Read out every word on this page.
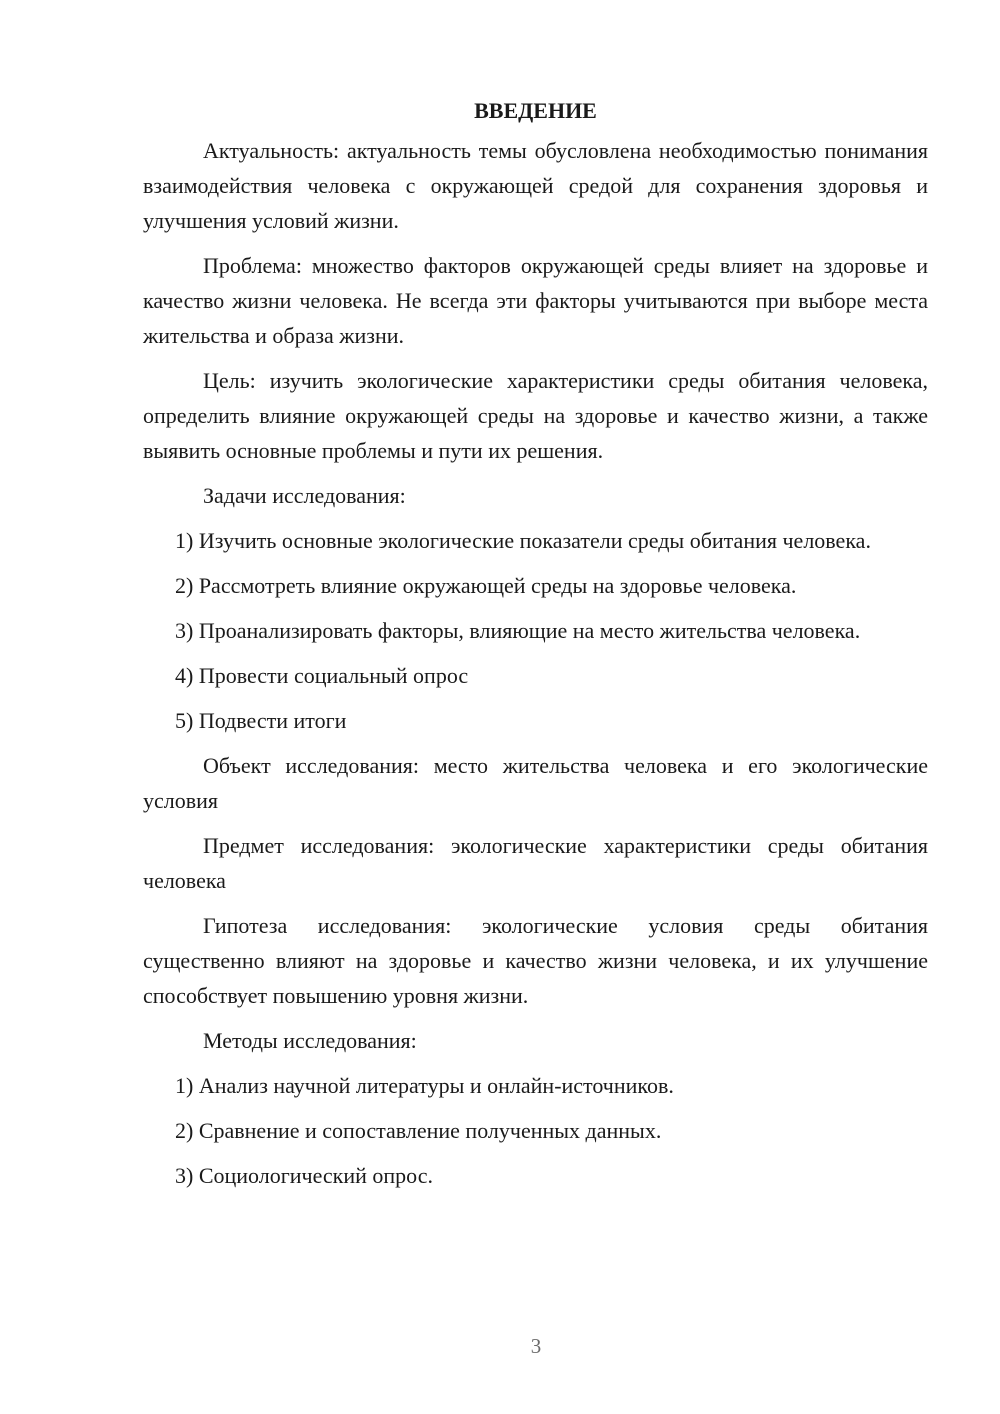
ВВЕДЕНИЕ

Актуальность: актуальность темы обусловлена необходимостью понимания взаимодействия человека с окружающей средой для сохранения здоровья и улучшения условий жизни.

Проблема: множество факторов окружающей среды влияет на здоровье и качество жизни человека. Не всегда эти факторы учитываются при выборе места жительства и образа жизни.

Цель: изучить экологические характеристики среды обитания человека, определить влияние окружающей среды на здоровье и качество жизни, а также выявить основные проблемы и пути их решения.

Задачи исследования:

1) Изучить основные экологические показатели среды обитания человека.

2) Рассмотреть влияние окружающей среды на здоровье человека.

3) Проанализировать факторы, влияющие на место жительства человека.

4) Провести социальный опрос

5) Подвести итоги

Объект исследования: место жительства человека и его экологические условия

Предмет исследования: экологические характеристики среды обитания человека

Гипотеза исследования: экологические условия среды обитания существенно влияют на здоровье и качество жизни человека, и их улучшение способствует повышению уровня жизни.

Методы исследования:

1) Анализ научной литературы и онлайн-источников.

2) Сравнение и сопоставление полученных данных.

3) Социологический опрос.

3
